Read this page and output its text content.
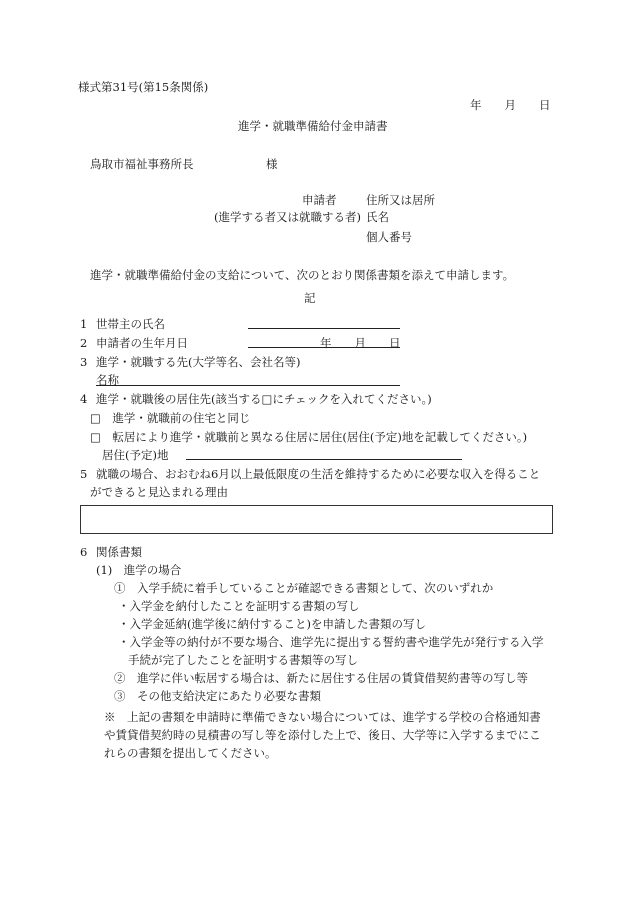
様式第31号(第15条関係)
年　　月　　日
進学・就職準備給付金申請書
鳥取市福祉事務所長	様
申請者	住所又は居所
(進学する者又は就職する者) 氏名
個人番号
進学・就職準備給付金の支給について、次のとおり関係書類を添えて申請します。
記
1 世帯主の氏名
2 申請者の生年月日	年　　月　　日
3 進学・就職する先(大学等名、会社名等)
名称
4 進学・就職後の居住先(該当する□にチェックを入れてください。)
□　進学・就職前の住宅と同じ
□　転居により進学・就職前と異なる住居に居住(居住(予定)地を記載してください。)
居住(予定)地
5 就職の場合、おおむね6月以上最低限度の生活を維持するために必要な収入を得ること
ができると見込まれる理由
6 関係書類
(1)　進学の場合
①　入学手続に着手していることが確認できる書類として、次のいずれか
・入学金を納付したことを証明する書類の写し
・入学金延納(進学後に納付すること)を申請した書類の写し
・入学金等の納付が不要な場合、進学先に提出する誓約書や進学先が発行する入学
手続が完了したことを証明する書類等の写し
②　進学に伴い転居する場合は、新たに居住する住居の賃貸借契約書等の写し等
③　その他支給決定にあたり必要な書類
※　上記の書類を申請時に準備できない場合については、進学する学校の合格通知書
や賃貸借契約時の見積書の写し等を添付した上で、後日、大学等に入学するまでにこ
れらの書類を提出してください。
